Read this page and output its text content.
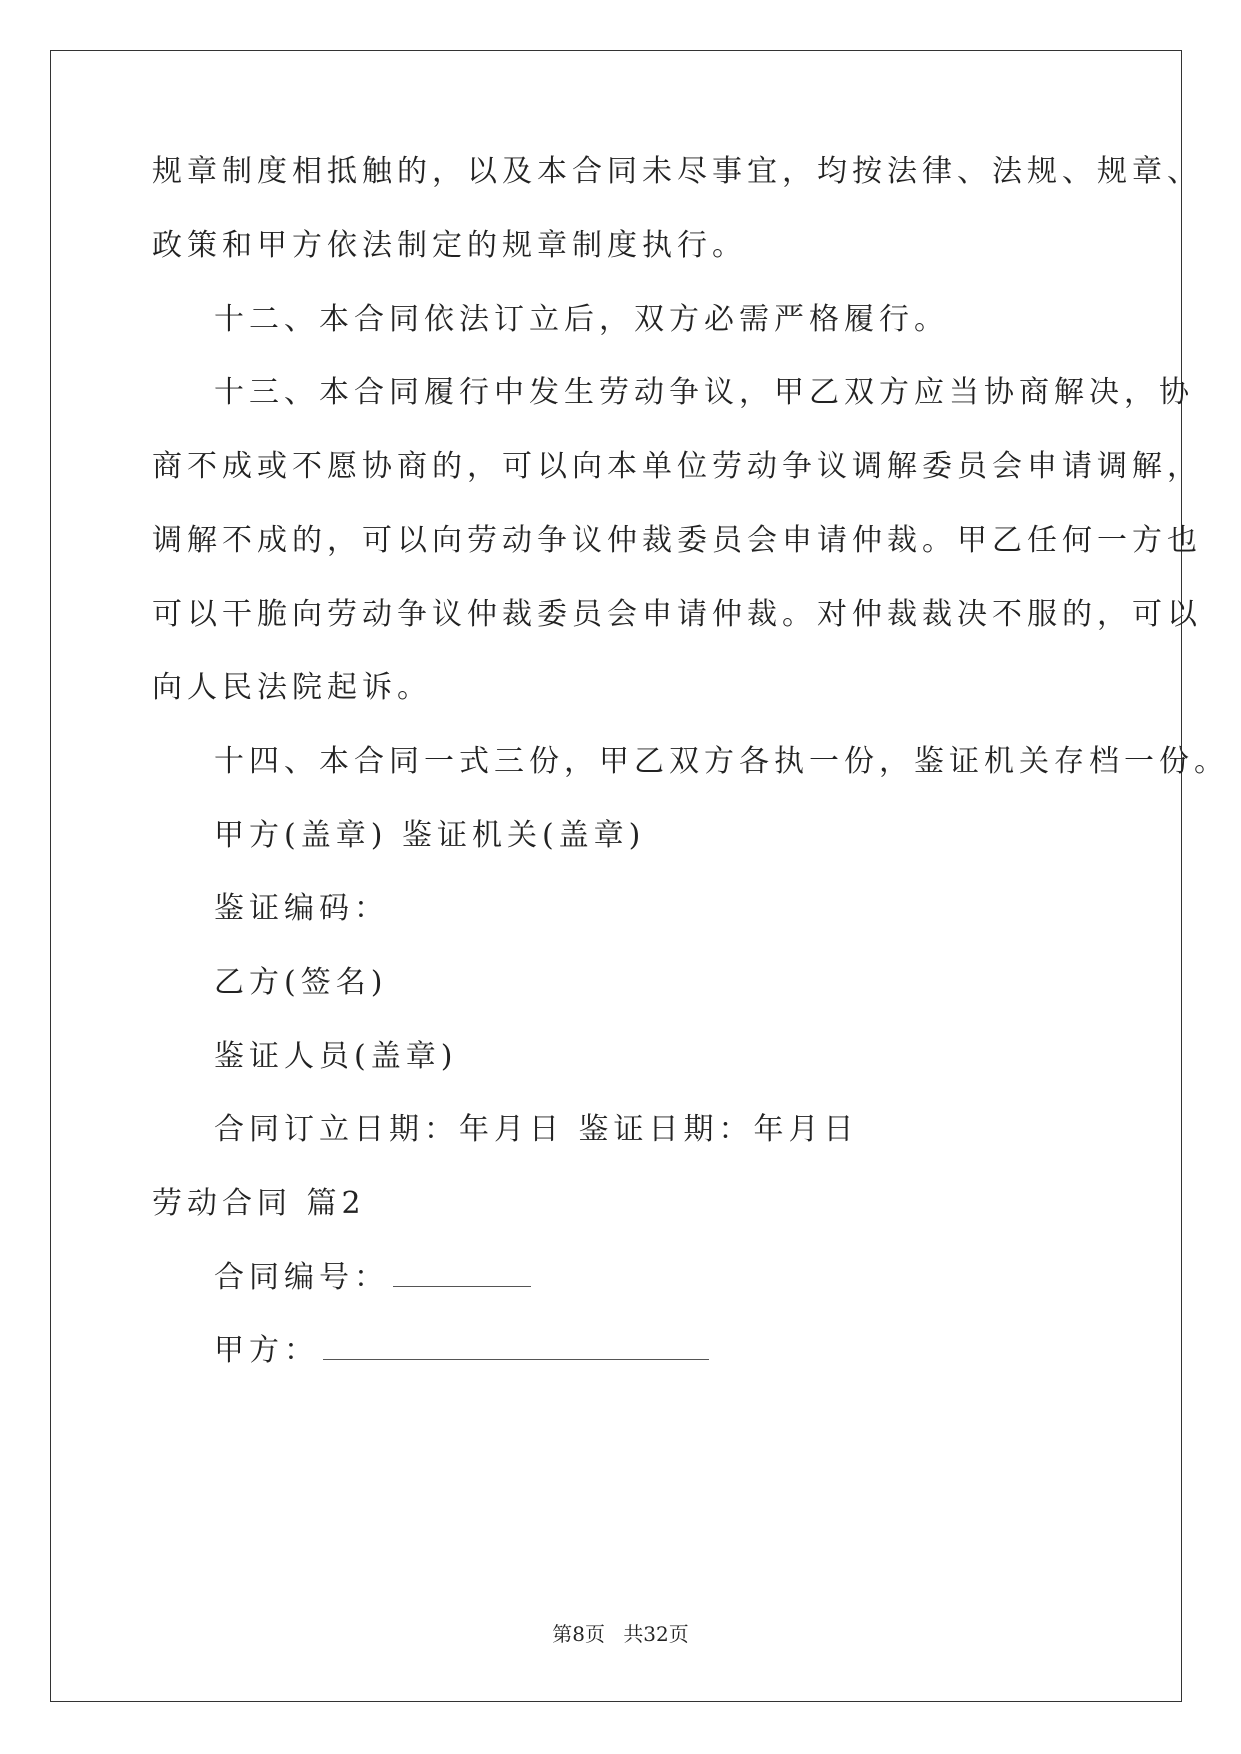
规章制度相抵触的，以及本合同未尽事宜，均按法律、法规、规章、
政策和甲方依法制定的规章制度执行。
十二、本合同依法订立后，双方必需严格履行。
十三、本合同履行中发生劳动争议，甲乙双方应当协商解决，协
商不成或不愿协商的，可以向本单位劳动争议调解委员会申请调解，
调解不成的，可以向劳动争议仲裁委员会申请仲裁。甲乙任何一方也
可以干脆向劳动争议仲裁委员会申请仲裁。对仲裁裁决不服的，可以
向人民法院起诉。
十四、本合同一式三份，甲乙双方各执一份，鉴证机关存档一份。
甲方(盖章) 鉴证机关(盖章)
鉴证编码：
乙方(签名)
鉴证人员(盖章)
合同订立日期：年月日 鉴证日期：年月日
劳动合同 篇2
合同编号：
甲方：
第8页 共32页
